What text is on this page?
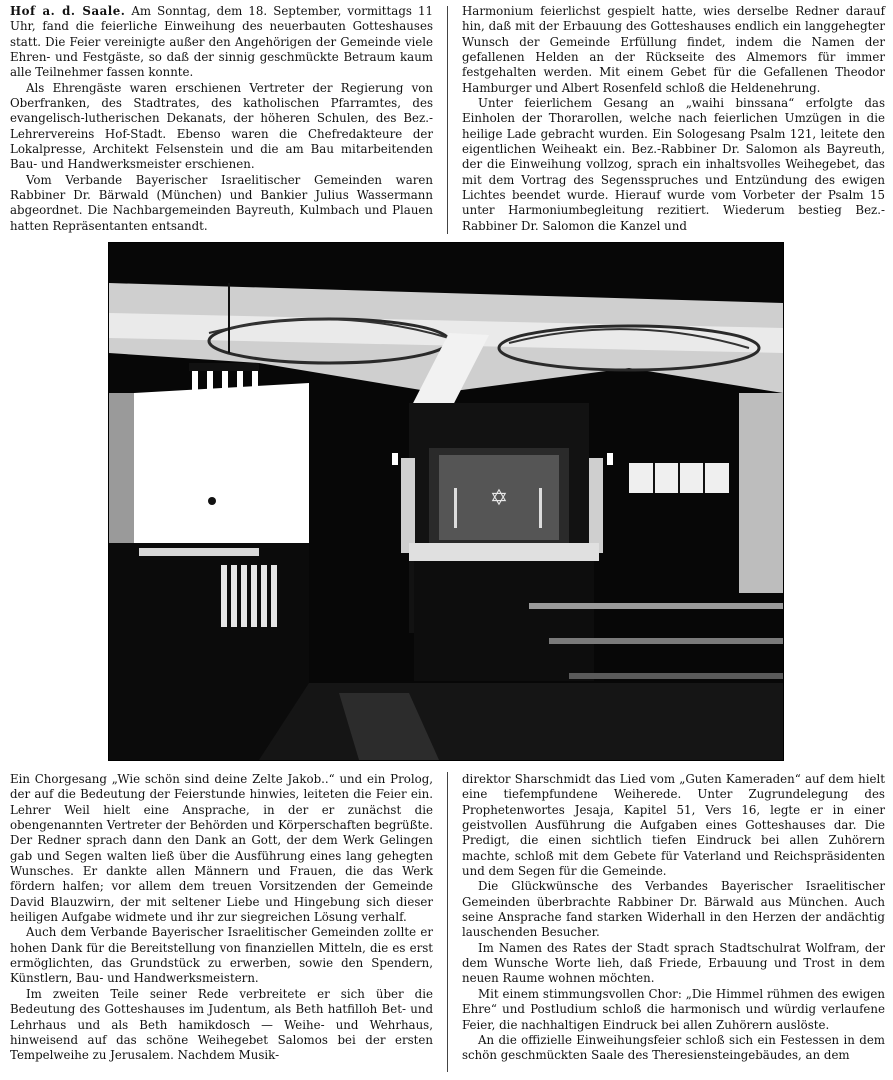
Hof a. d. Saale. Am Sonntag, dem 18. September, vormittags 11 Uhr, fand die feierliche Einweihung des neuerbauten Gotteshauses statt. Die Feier vereinigte außer den Angehörigen der Gemeinde viele Ehren- und Festgäste, so daß der sinnig geschmückte Betraum kaum alle Teilnehmer fassen konnte.

Als Ehrengäste waren erschienen Vertreter der Regierung von Oberfranken, des Stadtrates, des katholischen Pfarramtes, des evangelisch-lutherischen Dekanats, der höheren Schulen, des Bez.-Lehrervereins Hof-Stadt. Ebenso waren die Chefredakteure der Lokalpresse, Architekt Felsenstein und die am Bau mitarbeitenden Bau- und Handwerksmeister erschienen.

Vom Verbande Bayerischer Israelitischer Gemeinden waren Rabbiner Dr. Bärwald (München) und Bankier Julius Wassermann abgeordnet. Die Nachbargemeinden Bayreuth, Kulmbach und Plauen hatten Repräsentanten entsandt.

Harmonium feierlichst gespielt hatte, wies derselbe Redner darauf hin, daß mit der Erbauung des Gotteshauses endlich ein langgehegter Wunsch der Gemeinde Erfüllung findet, indem die Namen der gefallenen Helden an der Rückseite des Almemors für immer festgehalten werden. Mit einem Gebet für die Gefallenen Theodor Hamburger und Albert Rosenfeld schloß die Heldenehrung.

Unter feierlichem Gesang an „waihi binssana“ erfolgte das Einholen der Thorarollen, welche nach feierlichen Umzügen in die heilige Lade gebracht wurden. Ein Sologesang Psalm 121, leitete den eigentlichen Weiheakt ein. Bez.-Rabbiner Dr. Salomon als Bayreuth, der die Einweihung vollzog, sprach ein inhaltsvolles Weihegebet, das mit dem Vortrag des Segensspruches und Entzündung des ewigen Lichtes beendet wurde. Hierauf wurde vom Vorbeter der Psalm 15 unter Harmoniumbegleitung rezitiert. Wiederum bestieg Bez.-Rabbiner Dr. Salomon die Kanzel und

✡

Ein Chorgesang „Wie schön sind deine Zelte Jakob..“ und ein Prolog, der auf die Bedeutung der Feierstunde hinwies, leiteten die Feier ein. Lehrer Weil hielt eine Ansprache, in der er zunächst die obengenannten Vertreter der Behörden und Körperschaften begrüßte. Der Redner sprach dann den Dank an Gott, der dem Werk Gelingen gab und Segen walten ließ über die Ausführung eines lang gehegten Wunsches. Er dankte allen Männern und Frauen, die das Werk fördern halfen; vor allem dem treuen Vorsitzenden der Gemeinde David Blauzwirn, der mit seltener Liebe und Hingebung sich dieser heiligen Aufgabe widmete und ihr zur siegreichen Lösung verhalf.

Auch dem Verbande Bayerischer Israelitischer Gemeinden zollte er hohen Dank für die Bereitstellung von finanziellen Mitteln, die es erst ermöglichten, das Grundstück zu erwerben, sowie den Spendern, Künstlern, Bau- und Handwerksmeistern.

Im zweiten Teile seiner Rede verbreitete er sich über die Bedeutung des Gotteshauses im Judentum, als Beth hatfilloh Bet- und Lehrhaus und als Beth hamikdosch — Weihe- und Wehrhaus, hinweisend auf das schöne Weihegebet Salomos bei der ersten Tempelweihe zu Jerusalem. Nachdem Musik-

direktor Sharschmidt das Lied vom „Guten Kameraden“ auf dem hielt eine tiefempfundene Weiherede. Unter Zugrundelegung des Prophetenwortes Jesaja, Kapitel 51, Vers 16, legte er in einer geistvollen Ausführung die Aufgaben eines Gotteshauses dar. Die Predigt, die einen sichtlich tiefen Eindruck bei allen Zuhörern machte, schloß mit dem Gebete für Vaterland und Reichspräsidenten und dem Segen für die Gemeinde.

Die Glückwünsche des Verbandes Bayerischer Israelitischer Gemeinden überbrachte Rabbiner Dr. Bärwald aus München. Auch seine Ansprache fand starken Widerhall in den Herzen der andächtig lauschenden Besucher.

Im Namen des Rates der Stadt sprach Stadtschulrat Wolfram, der dem Wunsche Worte lieh, daß Friede, Erbauung und Trost in dem neuen Raume wohnen möchten.

Mit einem stimmungsvollen Chor: „Die Himmel rühmen des ewigen Ehre“ und Postludium schloß die harmonisch und würdig verlaufene Feier, die nachhaltigen Eindruck bei allen Zuhörern auslöste.

An die offizielle Einweihungsfeier schloß sich ein Festessen in dem schön geschmückten Saale des Theresiensteingebäudes, an dem
